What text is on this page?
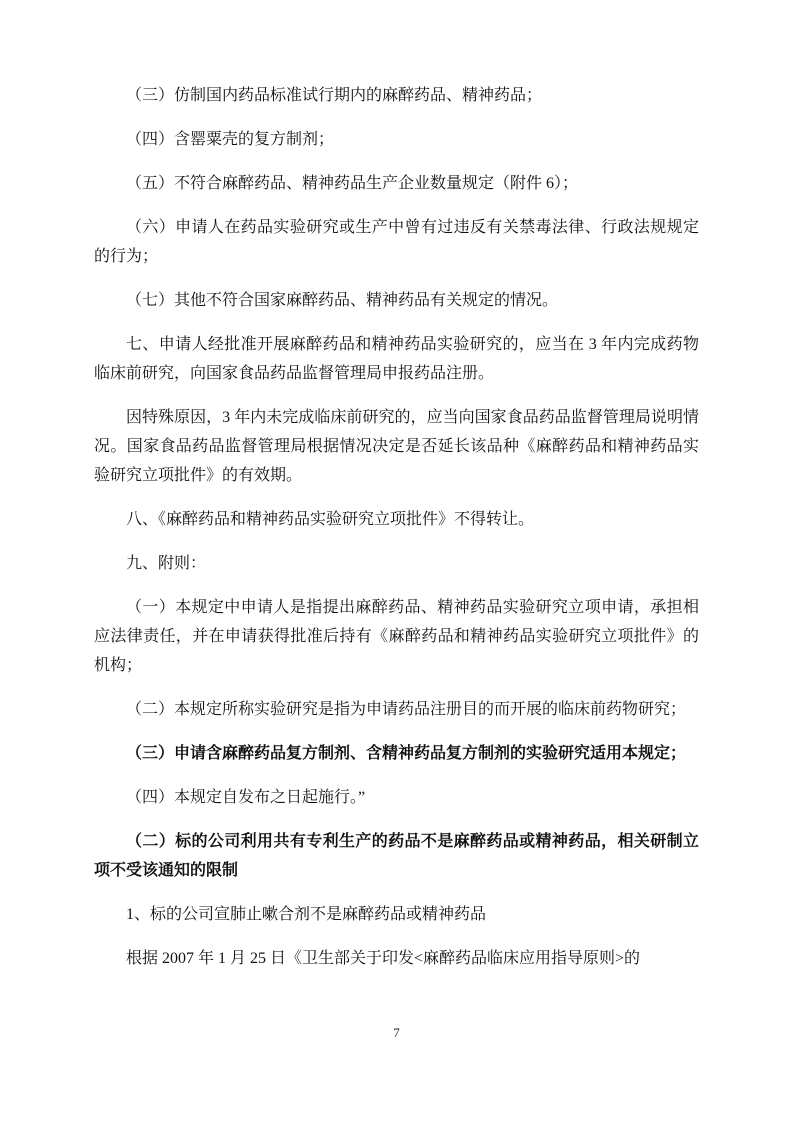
（三）仿制国内药品标准试行期内的麻醉药品、精神药品；

（四）含罂粟壳的复方制剂；

（五）不符合麻醉药品、精神药品生产企业数量规定（附件 6）；

（六）申请人在药品实验研究或生产中曾有过违反有关禁毒法律、行政法规规定的行为；

（七）其他不符合国家麻醉药品、精神药品有关规定的情况。

七、申请人经批准开展麻醉药品和精神药品实验研究的，应当在 3 年内完成药物临床前研究，向国家食品药品监督管理局申报药品注册。

因特殊原因，3 年内未完成临床前研究的，应当向国家食品药品监督管理局说明情况。国家食品药品监督管理局根据情况决定是否延长该品种《麻醉药品和精神药品实验研究立项批件》的有效期。

八、《麻醉药品和精神药品实验研究立项批件》不得转让。

九、附则：

（一）本规定中申请人是指提出麻醉药品、精神药品实验研究立项申请，承担相应法律责任，并在申请获得批准后持有《麻醉药品和精神药品实验研究立项批件》的机构；

（二）本规定所称实验研究是指为申请药品注册目的而开展的临床前药物研究；

（三）申请含麻醉药品复方制剂、含精神药品复方制剂的实验研究适用本规定；

（四）本规定自发布之日起施行。”

（二）标的公司利用共有专利生产的药品不是麻醉药品或精神药品，相关研制立项不受该通知的限制

1、标的公司宣肺止嗽合剂不是麻醉药品或精神药品

根据 2007 年 1 月 25 日《卫生部关于印发<麻醉药品临床应用指导原则>的

7
